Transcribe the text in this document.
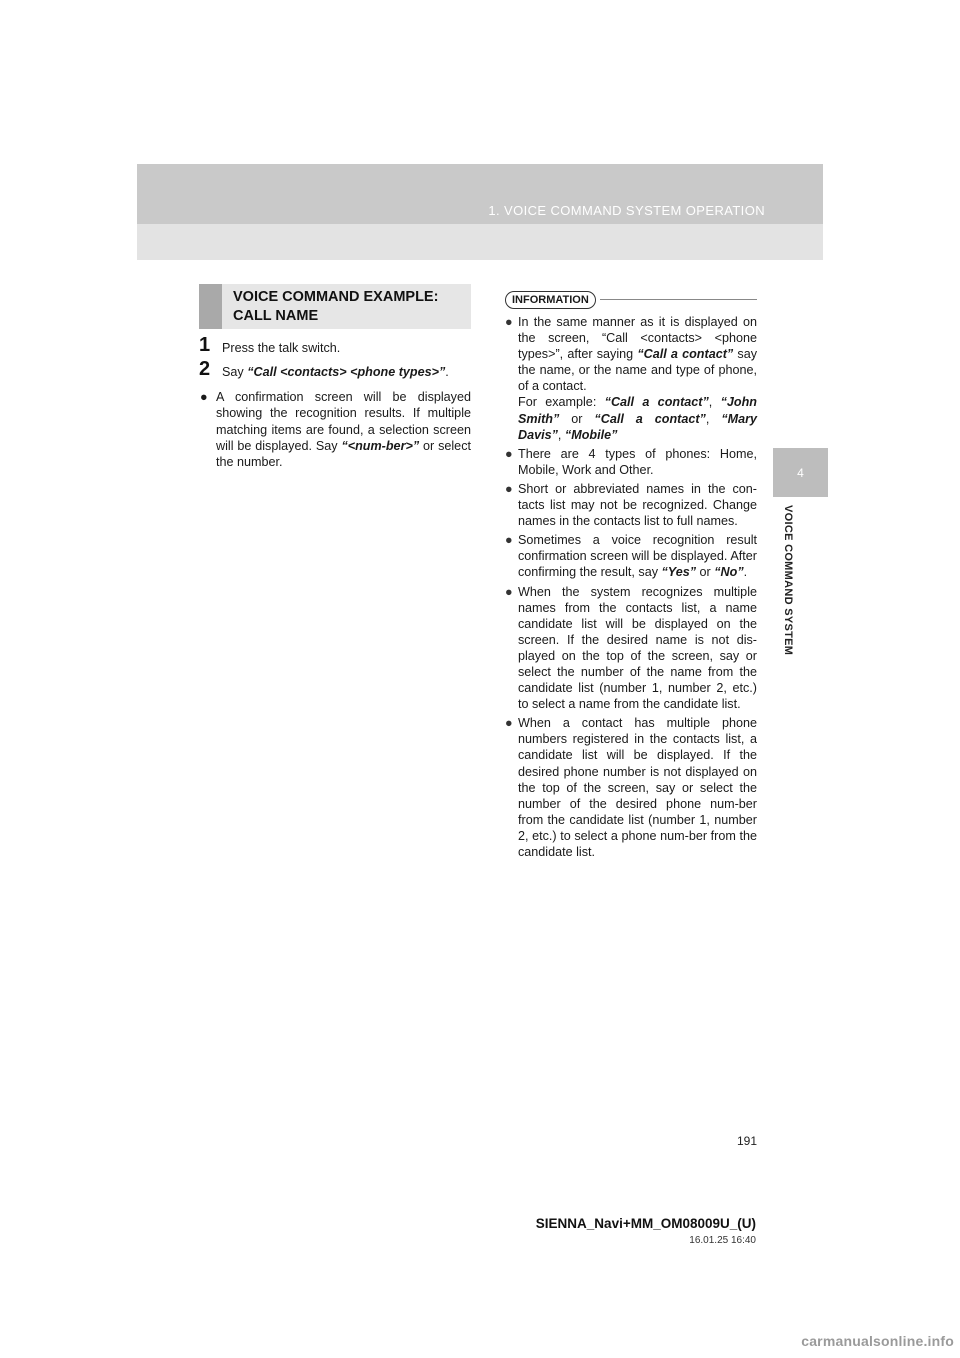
1. VOICE COMMAND SYSTEM OPERATION
4
VOICE COMMAND SYSTEM
VOICE COMMAND EXAMPLE:
CALL NAME
1 Press the talk switch.
2 Say “Call <contacts> <phone types>”.
● A confirmation screen will be displayed showing the recognition results. If multiple matching items are found, a selection screen will be displayed. Say “<num-ber>” or select the number.
INFORMATION
● In the same manner as it is displayed on the screen, “Call <contacts> <phone types>”, after saying “Call a contact” say the name, or the name and type of phone, of a contact.
For example: “Call a contact”, “John Smith” or “Call a contact”, “Mary Davis”, “Mobile”
● There are 4 types of phones: Home, Mobile, Work and Other.
● Short or abbreviated names in the con-tacts list may not be recognized. Change names in the contacts list to full names.
● Sometimes a voice recognition result confirmation screen will be displayed. After confirming the result, say “Yes” or “No”.
● When the system recognizes multiple names from the contacts list, a name candidate list will be displayed on the screen. If the desired name is not dis-played on the top of the screen, say or select the number of the name from the candidate list (number 1, number 2, etc.) to select a name from the candidate list.
● When a contact has multiple phone numbers registered in the contacts list, a candidate list will be displayed. If the desired phone number is not displayed on the top of the screen, say or select the number of the desired phone num-ber from the candidate list (number 1, number 2, etc.) to select a phone num-ber from the candidate list.
191
SIENNA_Navi+MM_OM08009U_(U)
16.01.25 16:40
carmanualsonline.info
